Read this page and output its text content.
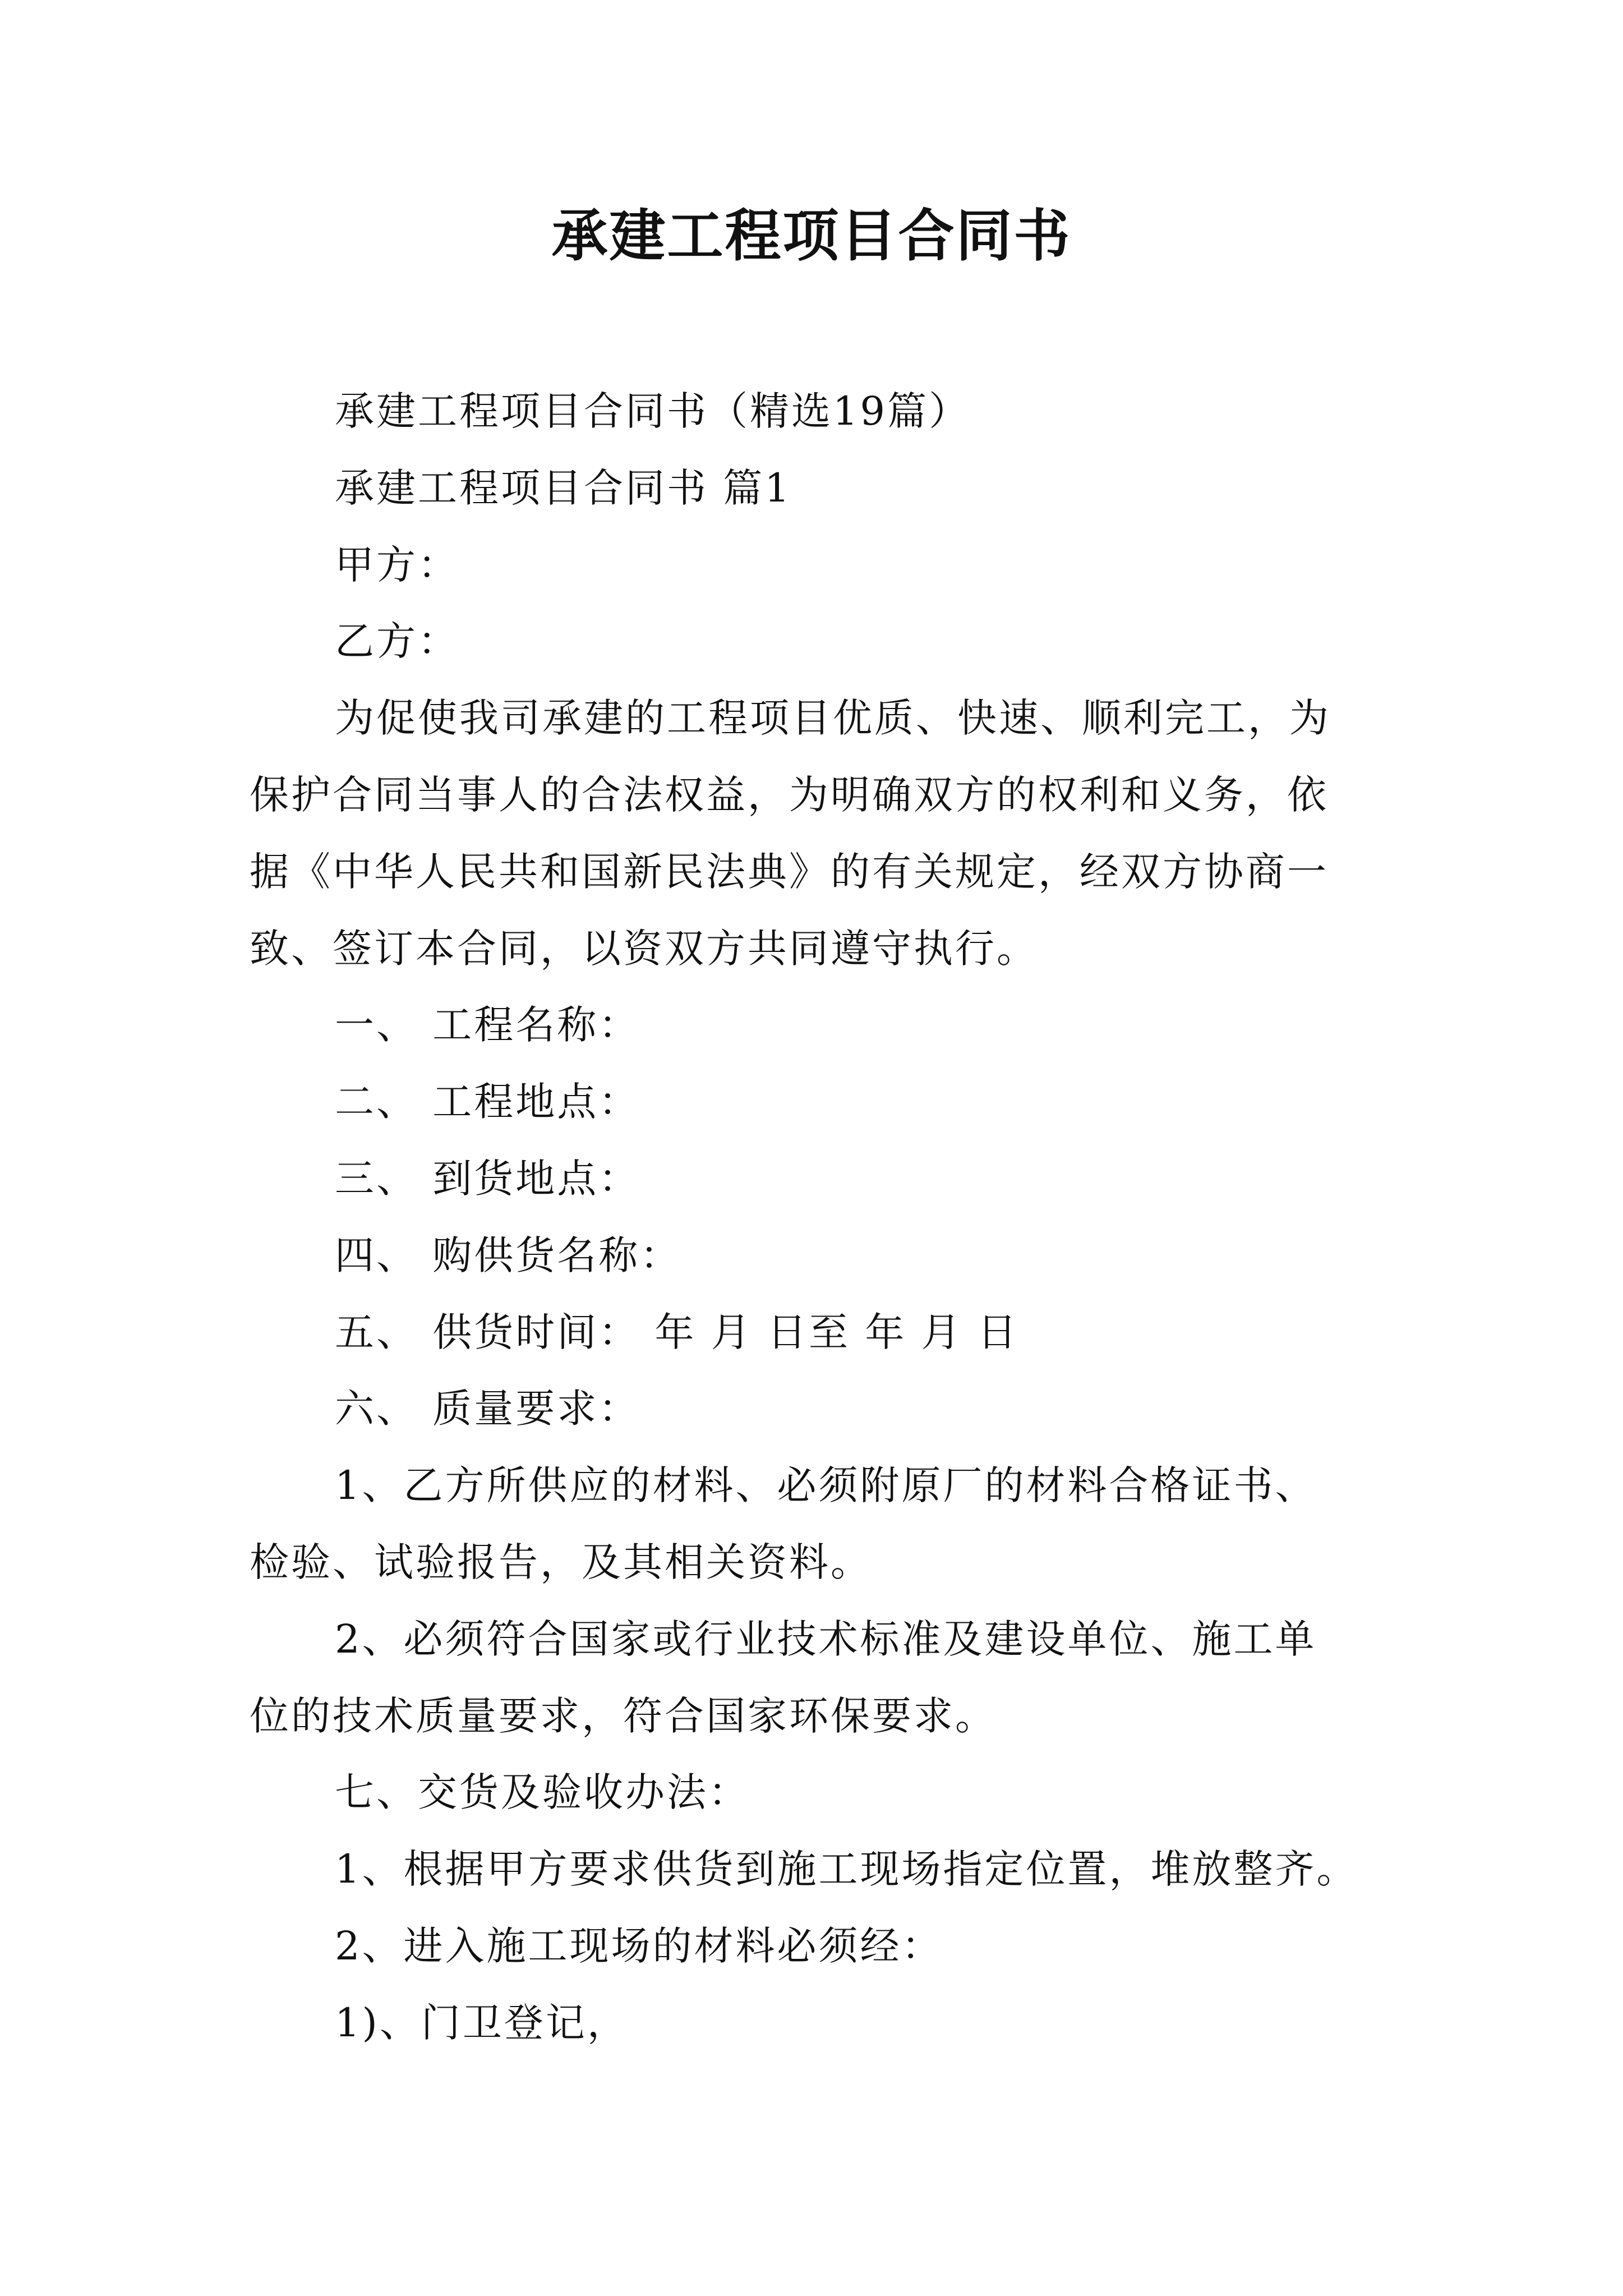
承建工程项目合同书
承建工程项目合同书（精选19篇）
承建工程项目合同书 篇1
甲方：
乙方：
为促使我司承建的工程项目优质、快速、顺利完工，为
保护合同当事人的合法权益，为明确双方的权利和义务，依
据《中华人民共和国新民法典》的有关规定，经双方协商一
致、签订本合同，以资双方共同遵守执行。
一、 工程名称：
二、 工程地点：
三、 到货地点：
四、 购供货名称：
五、 供货时间： 年 月 日至 年 月 日
六、 质量要求：
1、乙方所供应的材料、必须附原厂的材料合格证书、
检验、试验报告，及其相关资料。
2、必须符合国家或行业技术标准及建设单位、施工单
位的技术质量要求，符合国家环保要求。
七、交货及验收办法：
1、根据甲方要求供货到施工现场指定位置，堆放整齐。
2、进入施工现场的材料必须经：
1)、门卫登记，
